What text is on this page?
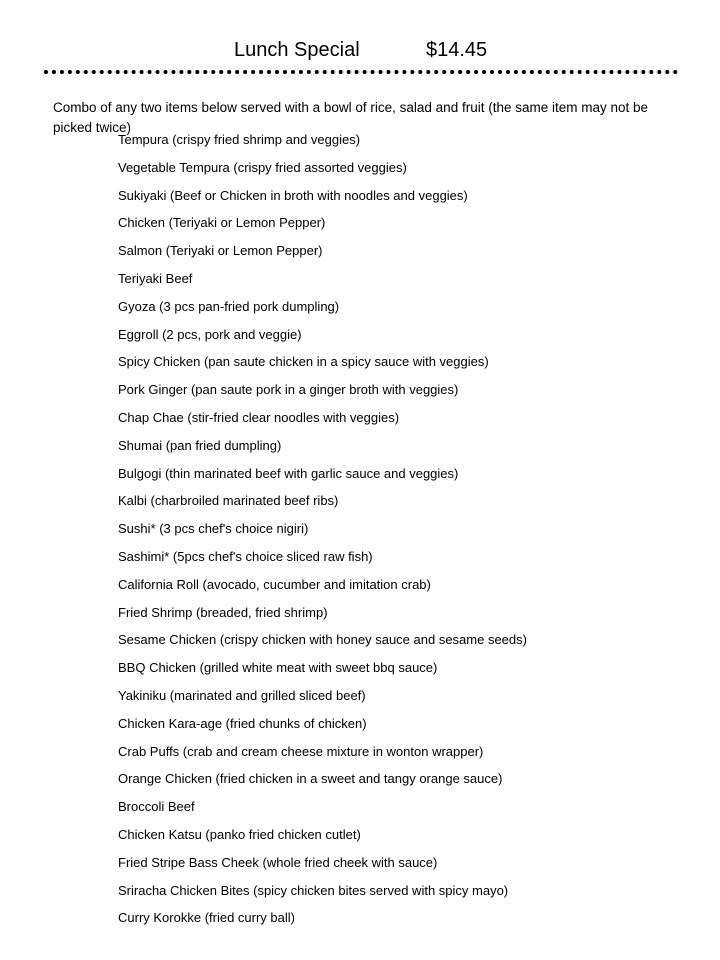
Lunch Special	$14.45

Combo of any two items below served with a bowl of rice, salad and fruit (the same item may not be picked twice)

Tempura (crispy fried shrimp and veggies)
Vegetable Tempura (crispy fried assorted veggies)
Sukiyaki (Beef or Chicken in broth with noodles and veggies)
Chicken (Teriyaki or Lemon Pepper)
Salmon (Teriyaki or Lemon Pepper)
Teriyaki Beef
Gyoza (3 pcs pan-fried pork dumpling)
Eggroll (2 pcs, pork and veggie)
Spicy Chicken (pan saute chicken in a spicy sauce with veggies)
Pork Ginger (pan saute pork in a ginger broth with veggies)
Chap Chae (stir-fried clear noodles with veggies)
Shumai (pan fried dumpling)
Bulgogi (thin marinated beef with garlic sauce and veggies)
Kalbi (charbroiled marinated beef ribs)
Sushi* (3 pcs chef's choice nigiri)
Sashimi* (5pcs chef's choice sliced raw fish)
California Roll (avocado, cucumber and imitation crab)
Fried Shrimp (breaded, fried shrimp)
Sesame Chicken (crispy chicken with honey sauce and sesame seeds)
BBQ Chicken (grilled white meat with sweet bbq sauce)
Yakiniku (marinated and grilled sliced beef)
Chicken Kara-age (fried chunks of chicken)
Crab Puffs (crab and cream cheese mixture in wonton wrapper)
Orange Chicken (fried chicken in a sweet and tangy orange sauce)
Broccoli Beef
Chicken Katsu (panko fried chicken cutlet)
Fried Stripe Bass Cheek (whole fried cheek with sauce)
Sriracha Chicken Bites (spicy chicken bites served with spicy mayo)
Curry Korokke (fried curry ball)
